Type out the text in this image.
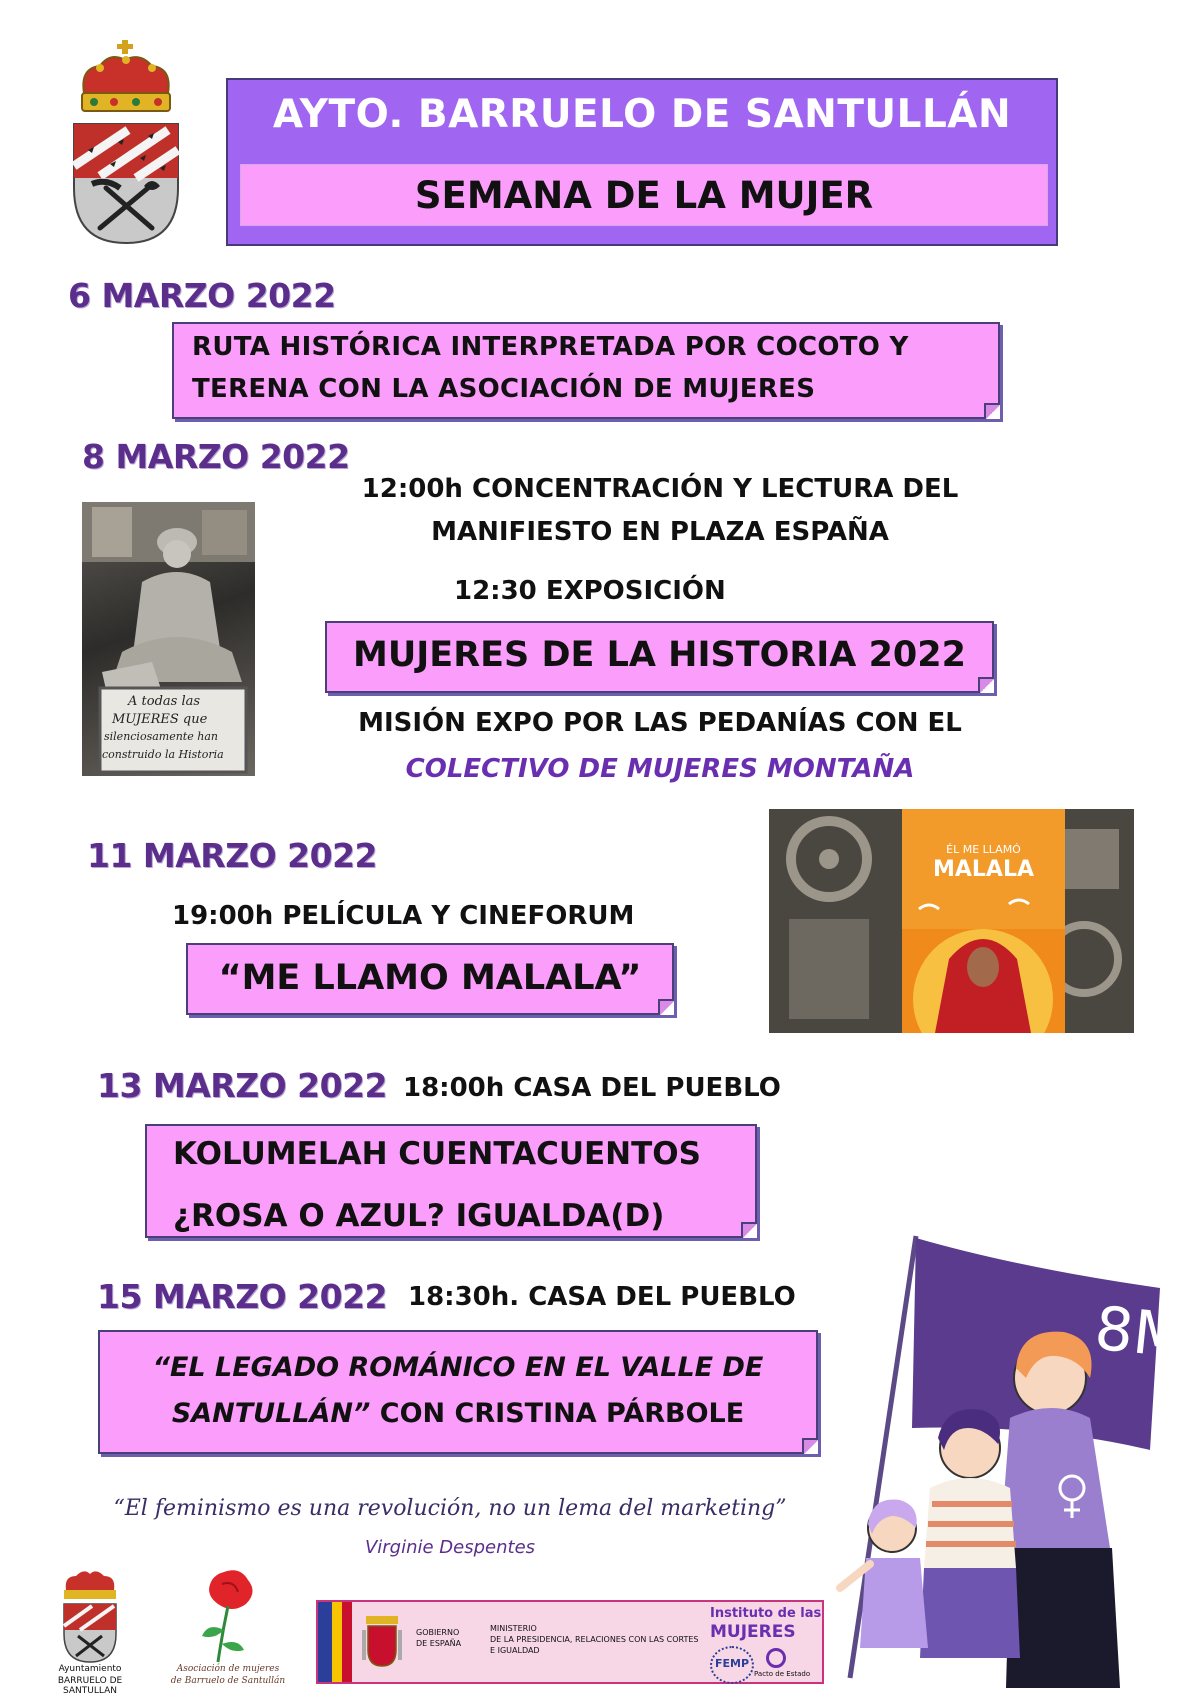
AYTO. BARRUELO DE SANTULLÁN
SEMANA DE LA MUJER
6 MARZO 2022
RUTA HISTÓRICA INTERPRETADA POR COCOTO Y
TERENA CON LA ASOCIACIÓN DE MUJERES
8 MARZO 2022
A todas las
MUJERES que
silenciosamente han
construido la Historia
12:00h CONCENTRACIÓN Y LECTURA DEL
MANIFIESTO EN PLAZA ESPAÑA
12:30 EXPOSICIÓN
MUJERES DE LA HISTORIA 2022
MISIÓN EXPO POR LAS PEDANÍAS CON EL
COLECTIVO DE MUJERES MONTAÑA
11 MARZO 2022
19:00h PELÍCULA Y CINEFORUM
“ME LLAMO MALALA”
ÉL ME LLAMÓ
MALALA
13 MARZO 2022 18:00h CASA DEL PUEBLO
KOLUMELAH CUENTACUENTOS
¿ROSA O AZUL? IGUALDA(D)
15 MARZO 2022 18:30h. CASA DEL PUEBLO
“EL LEGADO ROMÁNICO EN EL VALLE DE
SANTULLÁN” CON CRISTINA PÁRBOLE
8M
“El feminismo es una revolución, no un lema del marketing”
Virginie Despentes
Ayuntamiento
BARRUELO DE SANTULLAN
Asociación de mujeres
de Barruelo de Santullán
GOBIERNO
DE ESPAÑA
MINISTERIO
DE LA PRESIDENCIA, RELACIONES CON LAS CORTES
E IGUALDAD
Instituto de las
MUJERES
FEMP
Pacto de Estado
